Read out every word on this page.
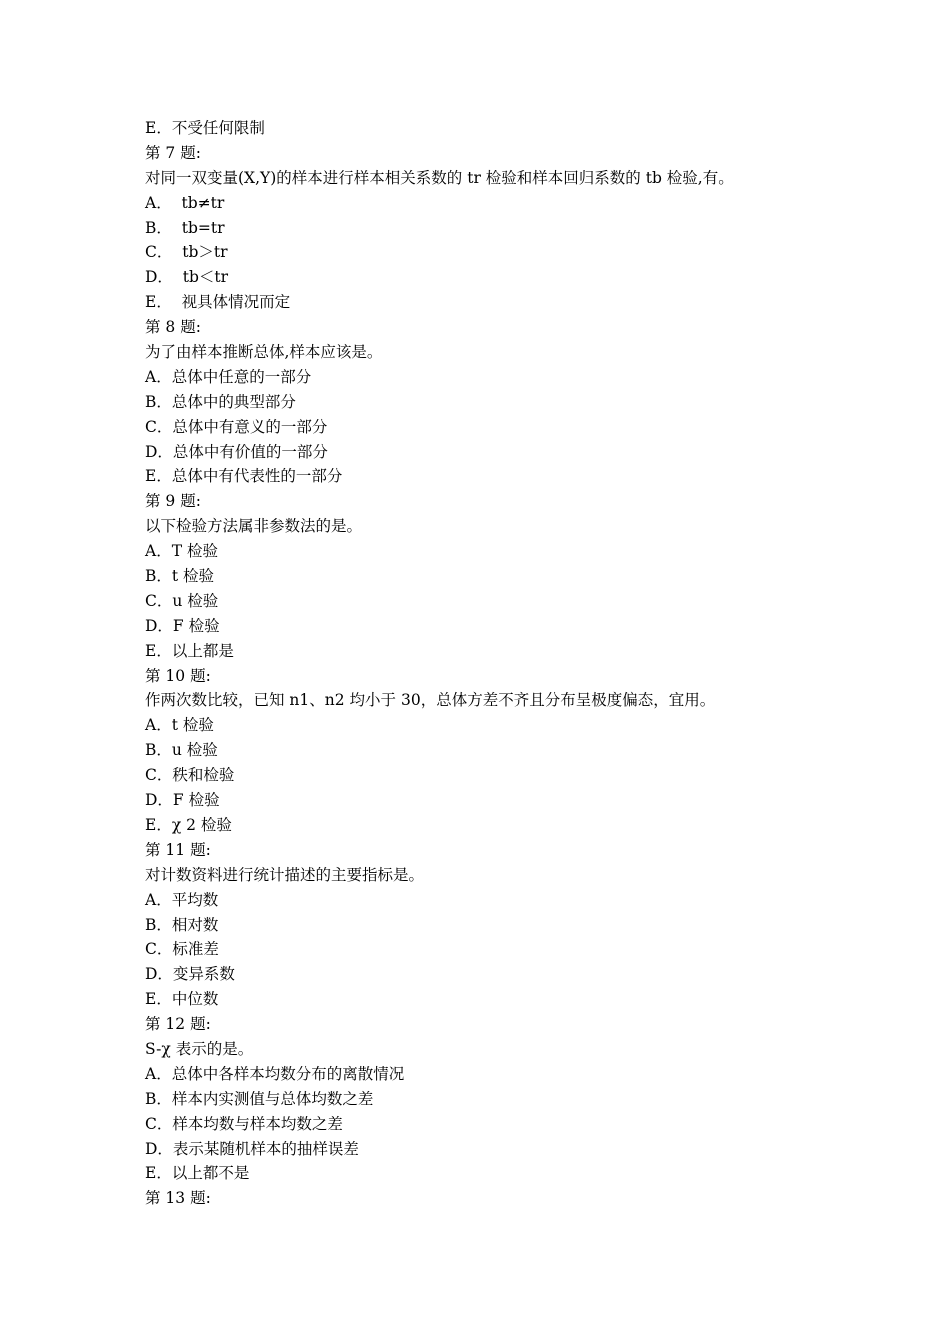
E．不受任何限制
第 7 题:
对同一双变量(X,Y)的样本进行样本相关系数的 tr 检验和样本回归系数的 tb 检验,有。
A．  tb≠tr
B．  tb=tr
C．  tb＞tr
D．  tb＜tr
E．  视具体情况而定
第 8 题:
为了由样本推断总体,样本应该是。
A．总体中任意的一部分
B．总体中的典型部分
C．总体中有意义的一部分
D．总体中有价值的一部分
E．总体中有代表性的一部分
第 9 题:
以下检验方法属非参数法的是。
A．T 检验
B．t 检验
C．u 检验
D．F 检验
E．以上都是
第 10 题:
作两次数比较，已知 n1、n2 均小于 30，总体方差不齐且分布呈极度偏态，宜用。
A．t 检验
B．u 检验
C．秩和检验
D．F 检验
E．χ 2 检验
第 11 题:
对计数资料进行统计描述的主要指标是。
A．平均数
B．相对数
C．标准差
D．变异系数
E．中位数
第 12 题:
S-χ 表示的是。
A．总体中各样本均数分布的离散情况
B．样本内实测值与总体均数之差
C．样本均数与样本均数之差
D．表示某随机样本的抽样误差
E．以上都不是
第 13 题:
